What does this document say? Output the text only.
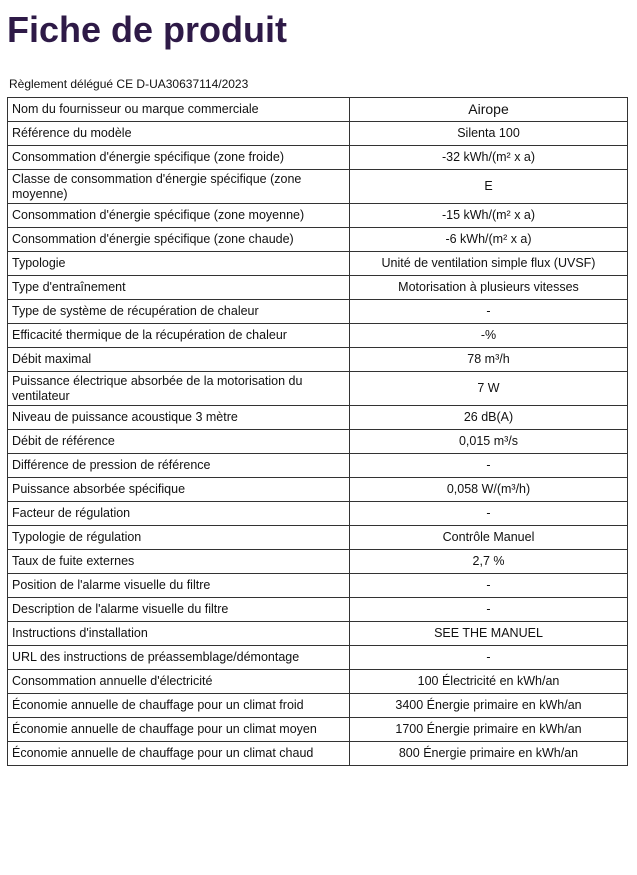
Fiche de produit
Règlement délégué CE D-UA30637114/2023
Nom du fournisseur ou marque commerciale	Airope
Référence du modèle	Silenta 100
Consommation d'énergie spécifique (zone froide)	-32 kWh/(m² x a)
Classe de consommation d'énergie spécifique (zone moyenne)	E
Consommation d'énergie spécifique (zone moyenne)	-15 kWh/(m² x a)
Consommation d'énergie spécifique (zone chaude)	-6 kWh/(m² x a)
Typologie	Unité de ventilation simple flux (UVSF)
Type d'entraînement	Motorisation à plusieurs vitesses
Type de système de récupération de chaleur	-
Efficacité thermique de la récupération de chaleur	-%
Débit maximal	78 m³/h
Puissance électrique absorbée de la motorisation du ventilateur	7 W
Niveau de puissance acoustique 3 mètre	26 dB(A)
Débit de référence	0,015 m³/s
Différence de pression de référence	-
Puissance absorbée spécifique	0,058 W/(m³/h)
Facteur de régulation	-
Typologie de régulation	Contrôle Manuel
Taux de fuite externes	2,7 %
Position de l'alarme visuelle du filtre	-
Description de l'alarme visuelle du filtre	-
Instructions d'installation	SEE THE MANUEL
URL des instructions de préassemblage/démontage	-
Consommation annuelle d'électricité	100 Électricité en kWh/an
Économie annuelle de chauffage pour un climat froid	3400 Énergie primaire en kWh/an
Économie annuelle de chauffage pour un climat moyen	1700 Énergie primaire en kWh/an
Économie annuelle de chauffage pour un climat chaud	800 Énergie primaire en kWh/an
